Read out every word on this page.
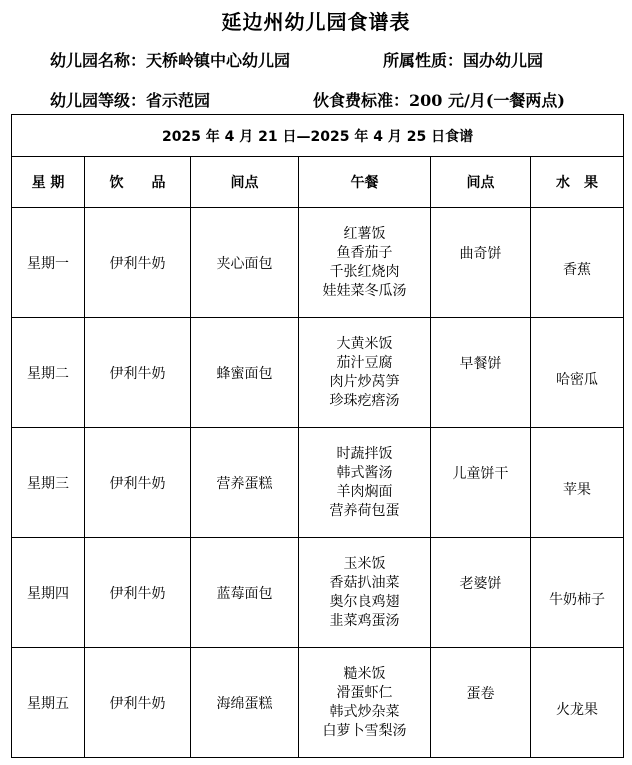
延边州幼儿园食谱表
幼儿园名称：天桥岭镇中心幼儿园	所属性质：国办幼儿园
幼儿园等级：省示范园	伙食费标准：200 元/月(一餐两点)
2025 年 4 月 21 日—2025 年 4 月 25 日食谱					
星 期	饮　　品	间点	午餐	间点	水　果
星期一	伊利牛奶	夹心面包	红薯饭
鱼香茄子
千张红烧肉
娃娃菜冬瓜汤	曲奇饼	香蕉
星期二	伊利牛奶	蜂蜜面包	大黄米饭
茄汁豆腐
肉片炒莴笋
珍珠疙瘩汤	早餐饼	哈密瓜
星期三	伊利牛奶	营养蛋糕	时蔬拌饭
韩式酱汤
羊肉焖面
营养荷包蛋	儿童饼干	苹果
星期四	伊利牛奶	蓝莓面包	玉米饭
香菇扒油菜
奥尔良鸡翅
韭菜鸡蛋汤	老婆饼	牛奶柿子
星期五	伊利牛奶	海绵蛋糕	糙米饭
滑蛋虾仁
韩式炒杂菜
白萝卜雪梨汤	蛋卷	火龙果
